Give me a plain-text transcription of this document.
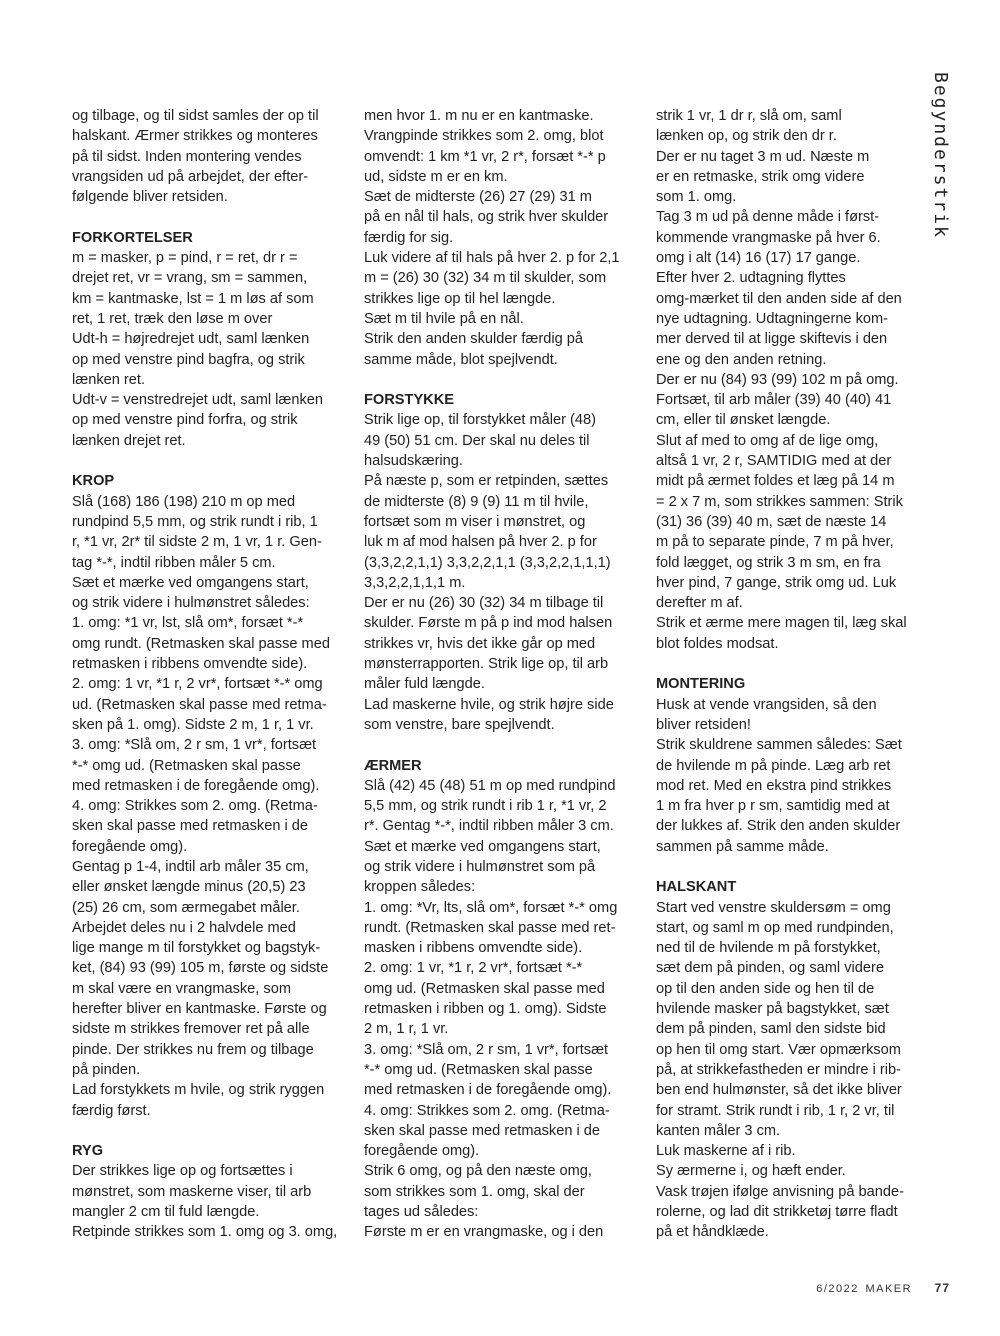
og tilbage, og til sidst samles der op til
halskant. Ærmer strikkes og monteres
på til sidst. Inden montering vendes
vrangsiden ud på arbejdet, der efter-
følgende bliver retsiden.

FORKORTELSER

m = masker, p = pind, r = ret, dr r =
drejet ret, vr = vrang, sm = sammen,
km = kantmaske, lst = 1 m løs af som
ret, 1 ret, træk den løse m over
Udt-h = højredrejet udt, saml lænken
op med venstre pind bagfra, og strik
lænken ret.
Udt-v = venstredrejet udt, saml lænken
op med venstre pind forfra, og strik
lænken drejet ret.

KROP

Slå (168) 186 (198) 210 m op med
rundpind 5,5 mm, og strik rundt i rib, 1
r, *1 vr, 2r* til sidste 2 m, 1 vr, 1 r. Gen-
tag *-*, indtil ribben måler 5 cm.
Sæt et mærke ved omgangens start,
og strik videre i hulmønstret således:
1. omg: *1 vr, lst, slå om*, forsæt *-*
omg rundt. (Retmasken skal passe med
retmasken i ribbens omvendte side).
2. omg: 1 vr, *1 r, 2 vr*, fortsæt *-* omg
ud. (Retmasken skal passe med retma-
sken på 1. omg). Sidste 2 m, 1 r, 1 vr.
3. omg: *Slå om, 2 r sm, 1 vr*, fortsæt
*-* omg ud. (Retmasken skal passe
med retmasken i de foregående omg).
4. omg: Strikkes som 2. omg. (Retma-
sken skal passe med retmasken i de
foregående omg).
Gentag p 1-4, indtil arb måler 35 cm,
eller ønsket længde minus (20,5) 23
(25) 26 cm, som ærmegabet måler.
Arbejdet deles nu i 2 halvdele med
lige mange m til forstykket og bagstyk-
ket, (84) 93 (99) 105 m, første og sidste
m skal være en vrangmaske, som
herefter bliver en kantmaske. Første og
sidste m strikkes fremover ret på alle
pinde. Der strikkes nu frem og tilbage
på pinden.
Lad forstykkets m hvile, og strik ryggen
færdig først.

RYG

Der strikkes lige op og fortsættes i
mønstret, som maskerne viser, til arb
mangler 2 cm til fuld længde.
Retpinde strikkes som 1. omg og 3. omg,

men hvor 1. m nu er en kantmaske.
Vrangpinde strikkes som 2. omg, blot
omvendt: 1 km *1 vr, 2 r*, forsæt *-* p
ud, sidste m er en km.
Sæt de midterste (26) 27 (29) 31 m
på en nål til hals, og strik hver skulder
færdig for sig.
Luk videre af til hals på hver 2. p for 2,1
m = (26) 30 (32) 34 m til skulder, som
strikkes lige op til hel længde.
Sæt m til hvile på en nål.
Strik den anden skulder færdig på
samme måde, blot spejlvendt.

FORSTYKKE

Strik lige op, til forstykket måler (48)
49 (50) 51 cm. Der skal nu deles til
halsudskæring.
På næste p, som er retpinden, sættes
de midterste (8) 9 (9) 11 m til hvile,
fortsæt som m viser i mønstret, og
luk m af mod halsen på hver 2. p for
(3,3,2,2,1,1) 3,3,2,2,1,1 (3,3,2,2,1,1,1)
3,3,2,2,1,1,1 m.
Der er nu (26) 30 (32) 34 m tilbage til
skulder. Første m på p ind mod halsen
strikkes vr, hvis det ikke går op med
mønsterrapporten. Strik lige op, til arb
måler fuld længde.
Lad maskerne hvile, og strik højre side
som venstre, bare spejlvendt.

ÆRMER

Slå (42) 45 (48) 51 m op med rundpind
5,5 mm, og strik rundt i rib 1 r, *1 vr, 2
r*. Gentag *-*, indtil ribben måler 3 cm.
Sæt et mærke ved omgangens start,
og strik videre i hulmønstret som på
kroppen således:
1. omg: *Vr, lts, slå om*, forsæt *-* omg
rundt. (Retmasken skal passe med ret-
masken i ribbens omvendte side).
2. omg: 1 vr, *1 r, 2 vr*, fortsæt *-*
omg ud. (Retmasken skal passe med
retmasken i ribben og 1. omg). Sidste
2 m, 1 r, 1 vr.
3. omg: *Slå om, 2 r sm, 1 vr*, fortsæt
*-* omg ud. (Retmasken skal passe
med retmasken i de foregående omg).
4. omg: Strikkes som 2. omg. (Retma-
sken skal passe med retmasken i de
foregående omg).
Strik 6 omg, og på den næste omg,
som strikkes som 1. omg, skal der
tages ud således:
Første m er en vrangmaske, og i den

strik 1 vr, 1 dr r, slå om, saml
lænken op, og strik den dr r.
Der er nu taget 3 m ud. Næste m
er en retmaske, strik omg videre
som 1. omg.
Tag 3 m ud på denne måde i først-
kommende vrangmaske på hver 6.
omg i alt (14) 16 (17) 17 gange.
Efter hver 2. udtagning flyttes
omg-mærket til den anden side af den
nye udtagning. Udtagningerne kom-
mer derved til at ligge skiftevis i den
ene og den anden retning.
Der er nu (84) 93 (99) 102 m på omg.
Fortsæt, til arb måler (39) 40 (40) 41
cm, eller til ønsket længde.
Slut af med to omg af de lige omg,
altså 1 vr, 2 r, SAMTIDIG med at der
midt på ærmet foldes et læg på 14 m
= 2 x 7 m, som strikkes sammen: Strik
(31) 36 (39) 40 m, sæt de næste 14
m på to separate pinde, 7 m på hver,
fold lægget, og strik 3 m sm, en fra
hver pind, 7 gange, strik omg ud. Luk
derefter m af.
Strik et ærme mere magen til, læg skal
blot foldes modsat.

MONTERING

Husk at vende vrangsiden, så den
bliver retsiden!
Strik skuldrene sammen således: Sæt
de hvilende m på pinde. Læg arb ret
mod ret. Med en ekstra pind strikkes
1 m fra hver p r sm, samtidig med at
der lukkes af. Strik den anden skulder
sammen på samme måde.

HALSKANT

Start ved venstre skuldersøm = omg
start, og saml m op med rundpinden,
ned til de hvilende m på forstykket,
sæt dem på pinden, og saml videre
op til den anden side og hen til de
hvilende masker på bagstykket, sæt
dem på pinden, saml den sidste bid
op hen til omg start. Vær opmærksom
på, at strikkefastheden er mindre i rib-
ben end hulmønster, så det ikke bliver
for stramt. Strik rundt i rib, 1 r, 2 vr, til
kanten måler 3 cm.
Luk maskerne af i rib.
Sy ærmerne i, og hæft ender.
Vask trøjen ifølge anvisning på bande-
rolerne, og lad dit strikketøj tørre fladt
på et håndklæde.

Begynderstrik
6/2022 MAKER 77
